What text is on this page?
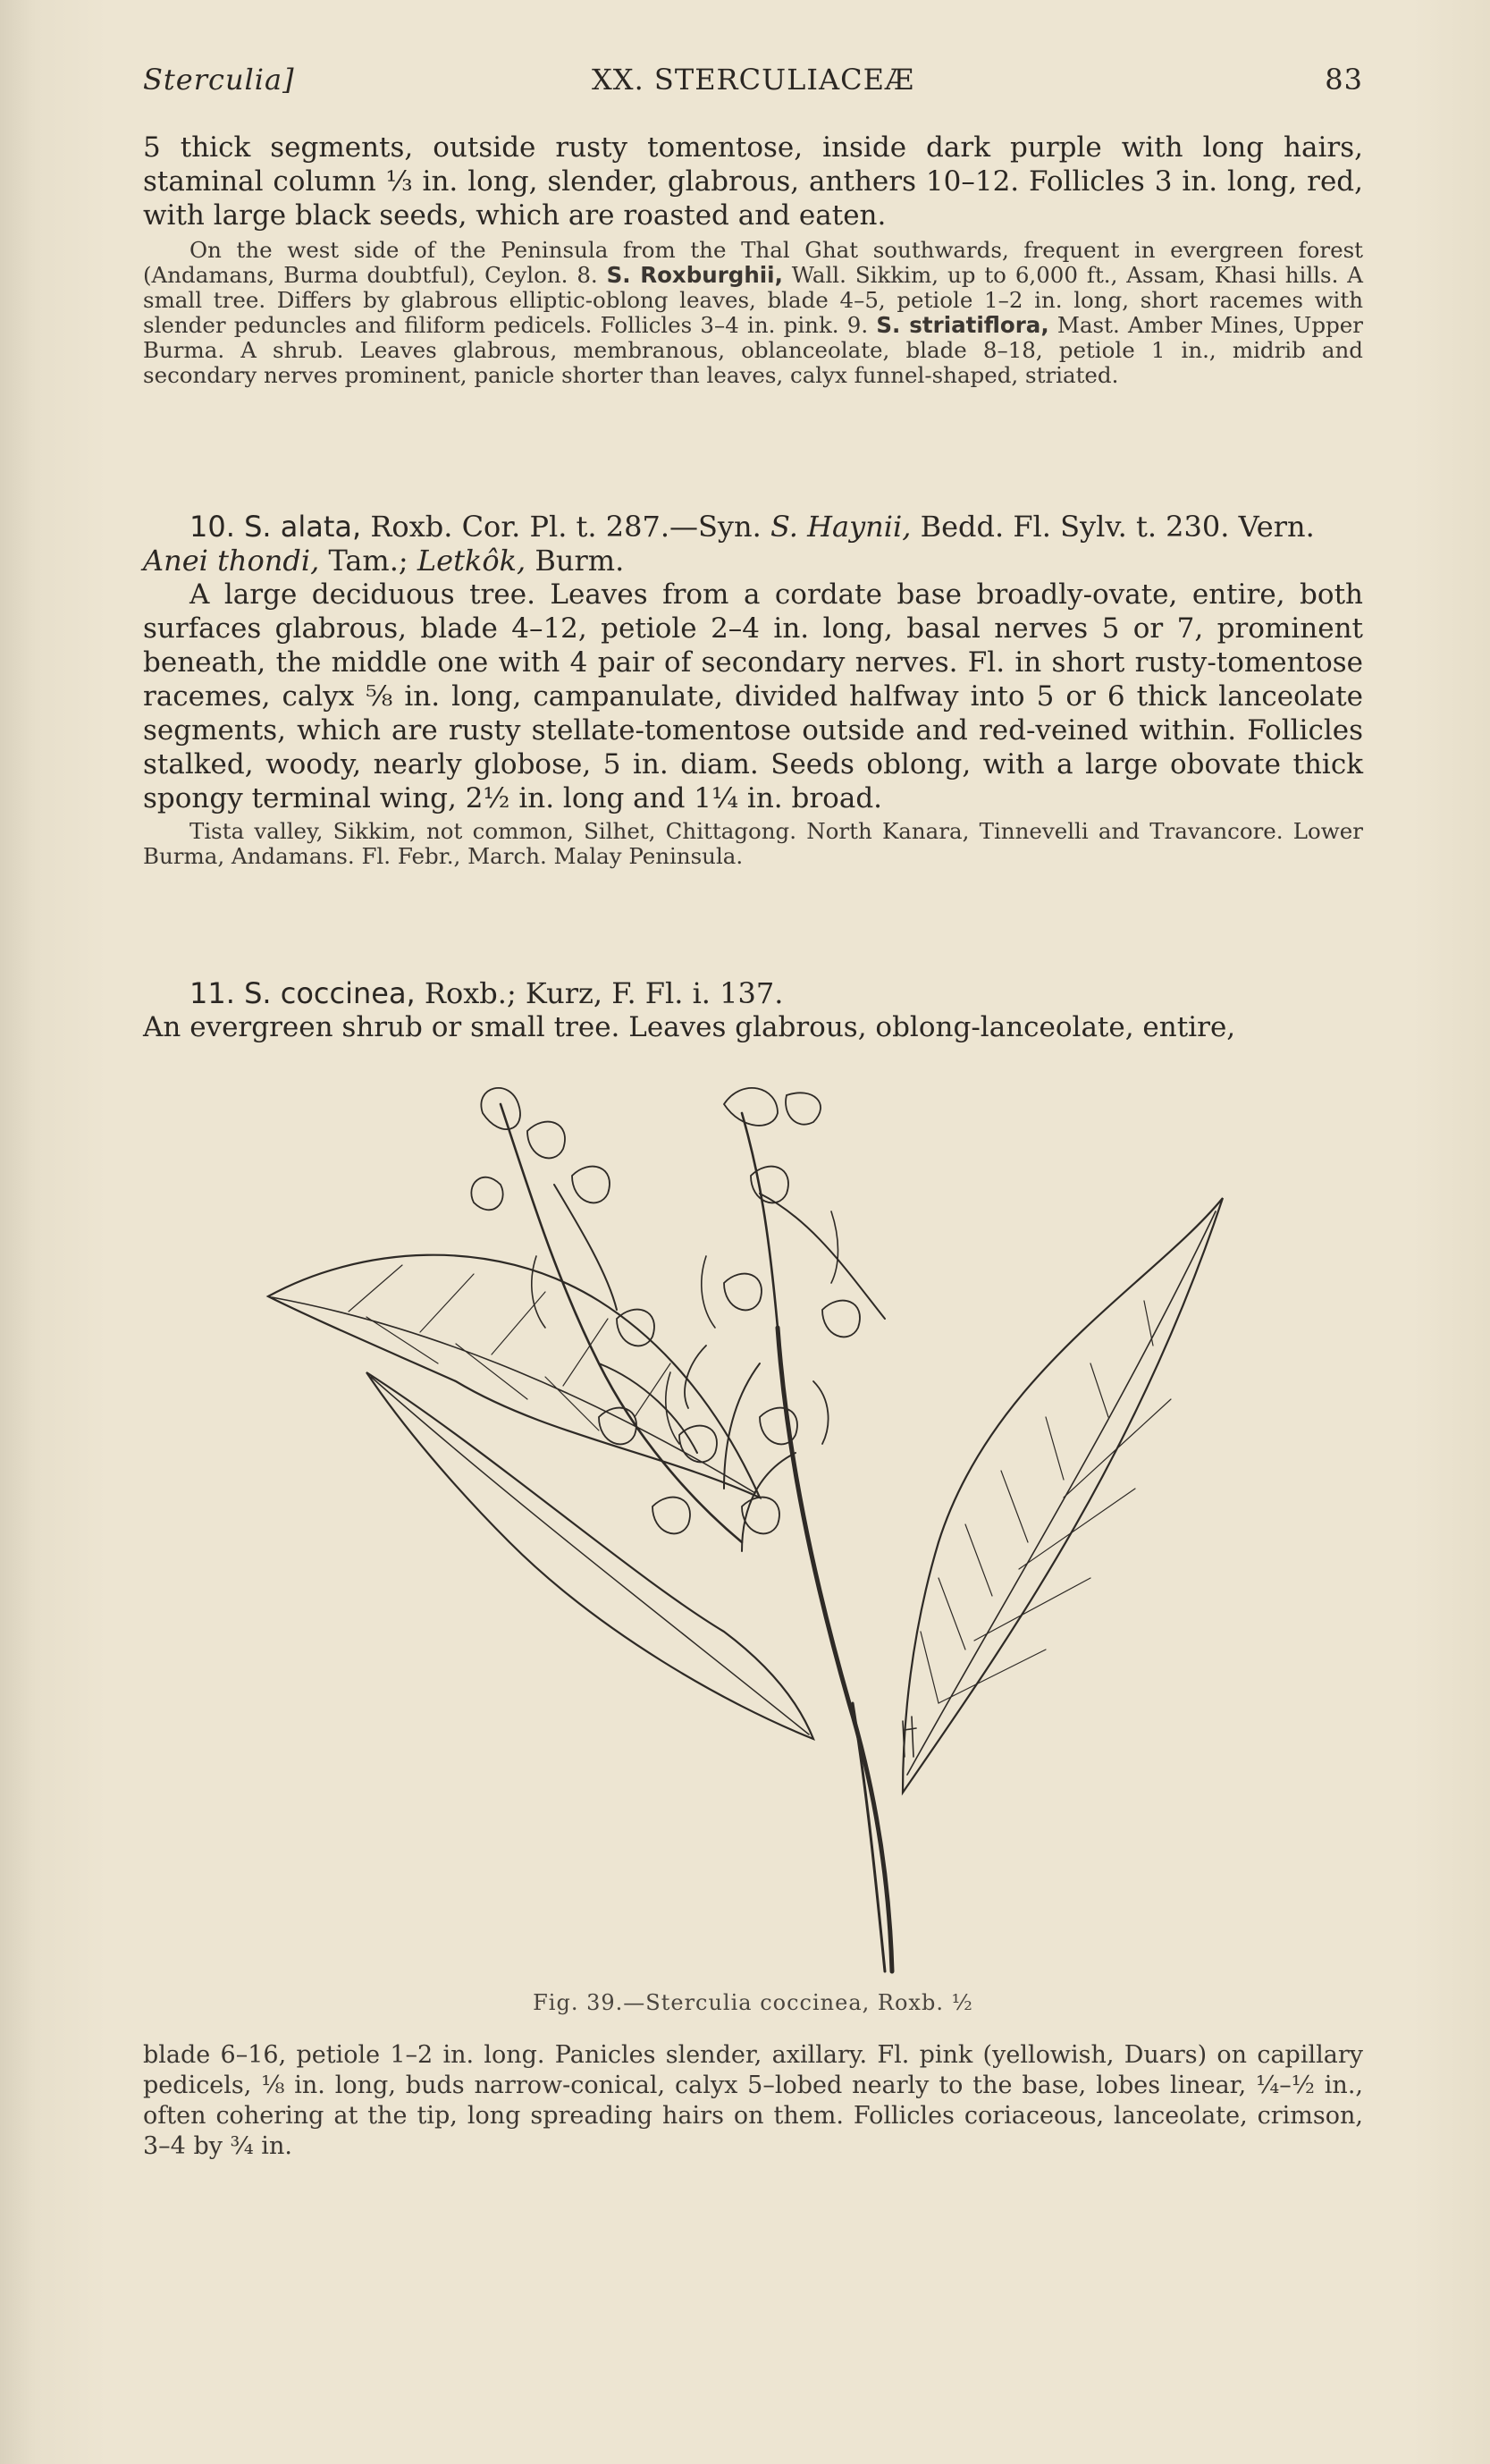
Sterculia]	XX. STERCULIACEÆ	83

5 thick segments, outside rusty tomentose, inside dark purple with long hairs, staminal column ⅓ in. long, slender, glabrous, anthers 10–12. Follicles 3 in. long, red, with large black seeds, which are roasted and eaten.

On the west side of the Peninsula from the Thal Ghat southwards, frequent in evergreen forest (Andamans, Burma doubtful), Ceylon. 8. S. Roxburghii, Wall. Sikkim, up to 6,000 ft., Assam, Khasi hills. A small tree. Differs by glabrous elliptic-oblong leaves, blade 4–5, petiole 1–2 in. long, short racemes with slender peduncles and filiform pedicels. Follicles 3–4 in. pink. 9. S. striatiflora, Mast. Amber Mines, Upper Burma. A shrub. Leaves glabrous, membranous, oblanceolate, blade 8–18, petiole 1 in., midrib and secondary nerves prominent, panicle shorter than leaves, calyx funnel-shaped, striated.

10. S. alata, Roxb. Cor. Pl. t. 287.—Syn. S. Haynii, Bedd. Fl. Sylv. t. 230. Vern. Anei thondi, Tam.; Letkôk, Burm.

A large deciduous tree. Leaves from a cordate base broadly-ovate, entire, both surfaces glabrous, blade 4–12, petiole 2–4 in. long, basal nerves 5 or 7, prominent beneath, the middle one with 4 pair of secondary nerves. Fl. in short rusty-tomentose racemes, calyx ⅝ in. long, campanulate, divided halfway into 5 or 6 thick lanceolate segments, which are rusty stellate-tomentose outside and red-veined within. Follicles stalked, woody, nearly globose, 5 in. diam. Seeds oblong, with a large obovate thick spongy terminal wing, 2½ in. long and 1¼ in. broad.

Tista valley, Sikkim, not common, Silhet, Chittagong. North Kanara, Tinnevelli and Travancore. Lower Burma, Andamans. Fl. Febr., March. Malay Peninsula.

11. S. coccinea, Roxb.; Kurz, F. Fl. i. 137.

An evergreen shrub or small tree. Leaves glabrous, oblong-lanceolate, entire,

Fig. 39.—Sterculia coccinea, Roxb. ½

blade 6–16, petiole 1–2 in. long. Panicles slender, axillary. Fl. pink (yellowish, Duars) on capillary pedicels, ⅛ in. long, buds narrow-conical, calyx 5–lobed nearly to the base, lobes linear, ¼–½ in., often cohering at the tip, long spreading hairs on them. Follicles coriaceous, lanceolate, crimson, 3–4 by ¾ in.
